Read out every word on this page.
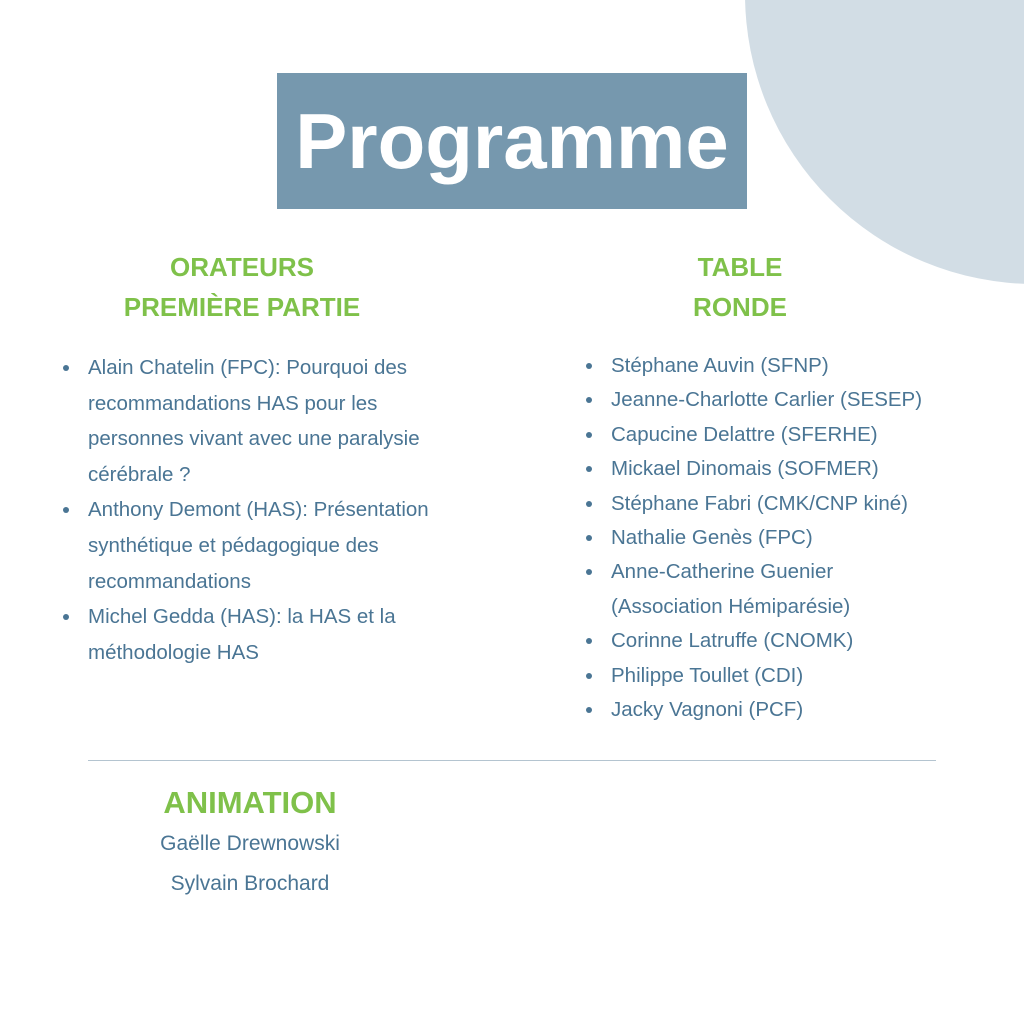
Programme
ORATEURS
PREMIÈRE PARTIE
Alain Chatelin (FPC): Pourquoi des
recommandations HAS pour les
personnes vivant avec une paralysie
cérébrale ?
Anthony Demont (HAS): Présentation
synthétique et pédagogique des
recommandations
Michel Gedda (HAS): la HAS et la
méthodologie HAS
TABLE
RONDE
Stéphane Auvin (SFNP)
Jeanne-Charlotte Carlier (SESEP)
Capucine Delattre (SFERHE)
Mickael Dinomais (SOFMER)
Stéphane Fabri (CMK/CNP kiné)
Nathalie Genès (FPC)
Anne-Catherine Guenier
(Association Hémiparésie)
Corinne Latruffe (CNOMK)
Philippe Toullet (CDI)
Jacky Vagnoni (PCF)
ANIMATION
Gaëlle Drewnowski
Sylvain Brochard
